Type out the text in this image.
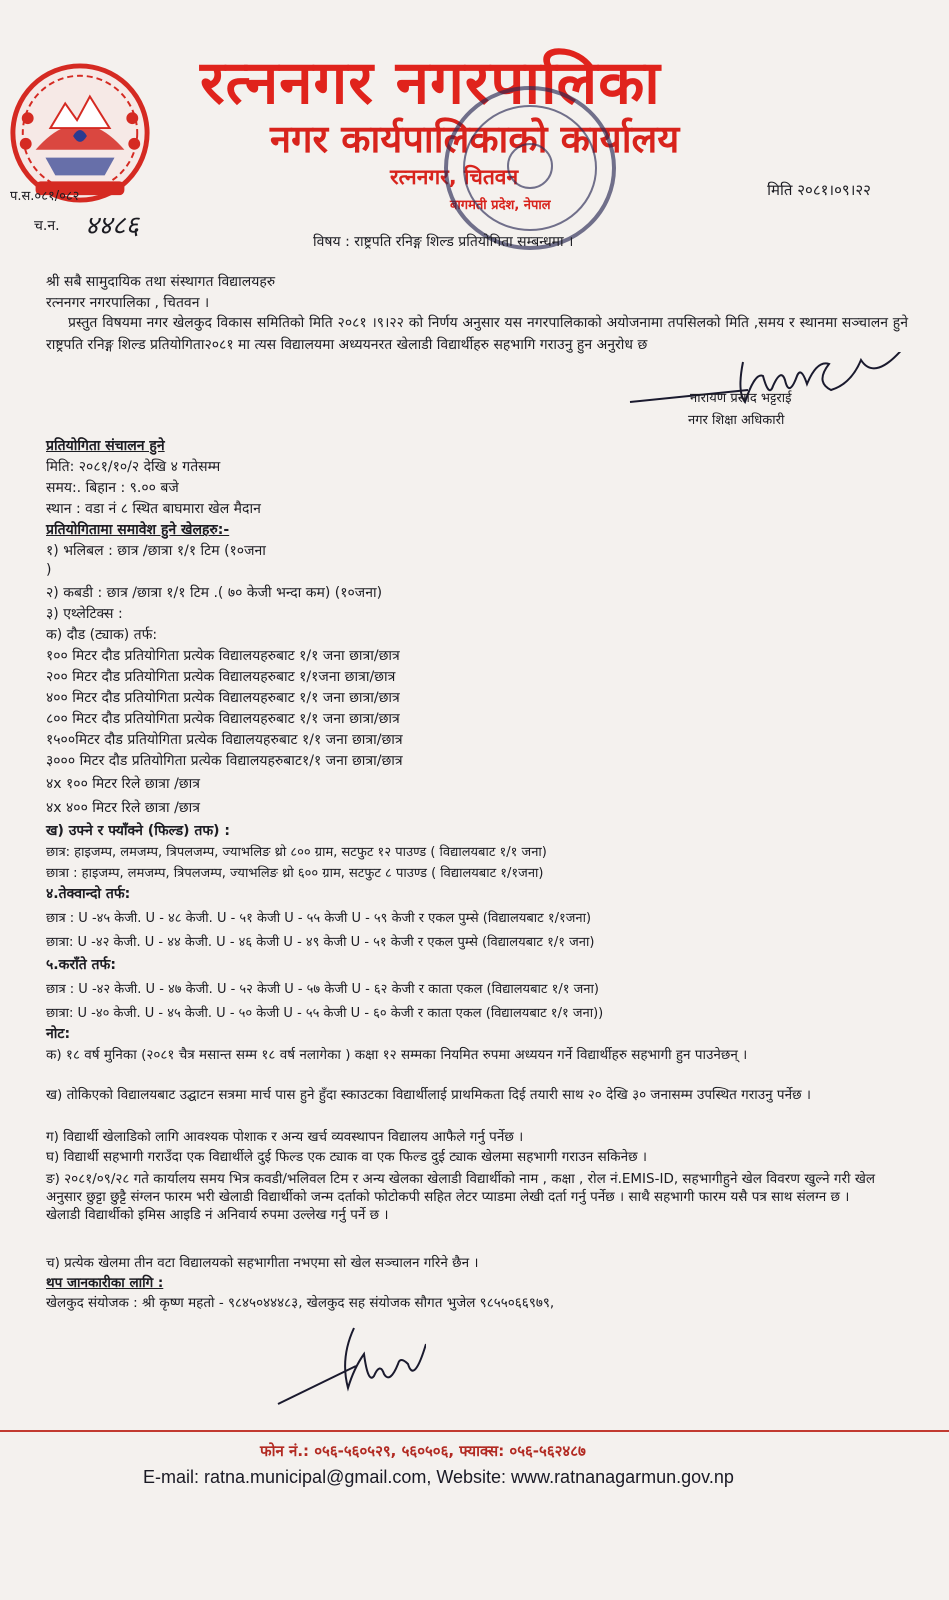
रत्ननगर नगरपालिका
नगर कार्यपालिकाको कार्यालय
रत्ननगर, चितवन
बागमती प्रदेश, नेपाल
मिति २०८१।०९।२२
प.स.०८१/०८२
च.न. ४४८६
विषय : राष्ट्रपति रनिङ्ग शिल्ड प्रतियोगिता सम्बन्धमा ।
श्री सबै सामुदायिक तथा संस्थागत विद्यालयहरु
रत्ननगर नगरपालिका , चितवन ।
प्रस्तुत विषयमा नगर खेलकुद विकास समितिको मिति २०८१ ।९।२२ को निर्णय अनुसार यस नगरपालिकाको अयोजनामा तपसिलको मिति ,समय र स्थानमा सञ्चालन हुने राष्ट्रपति रनिङ्ग शिल्ड प्रतियोगिता२०८१ मा त्यस विद्यालयमा अध्ययनरत खेलाडी विद्यार्थीहरु सहभागि गराउनु हुन अनुरोध छ
नारायण प्रसाद भट्टराई
नगर शिक्षा अधिकारी
प्रतियोगिता संचालन हुने
मिति: २०८१/१०/२ देखि ४ गतेसम्म
समय:. बिहान : ९.०० बजे
स्थान : वडा नं ८ स्थित बाघमारा खेल मैदान
प्रतियोगितामा समावेश हुने खेलहरु:-
१) भलिबल : छात्र /छात्रा १/१ टिम (१०जना
)
२) कबडी : छात्र /छात्रा १/१ टिम .( ७० केजी भन्दा कम) (१०जना)
३) एथ्लेटिक्स :
क) दौड (ट्याक) तर्फ:
१०० मिटर दौड प्रतियोगिता प्रत्येक विद्यालयहरुबाट १/१ जना छात्रा/छात्र
२०० मिटर दौड प्रतियोगिता प्रत्येक विद्यालयहरुबाट १/१जना छात्रा/छात्र
४०० मिटर दौड प्रतियोगिता प्रत्येक विद्यालयहरुबाट १/१ जना छात्रा/छात्र
८०० मिटर दौड प्रतियोगिता प्रत्येक विद्यालयहरुबाट १/१ जना छात्रा/छात्र
१५००मिटर दौड प्रतियोगिता प्रत्येक विद्यालयहरुबाट १/१ जना छात्रा/छात्र
३००० मिटर दौड प्रतियोगिता प्रत्येक विद्यालयहरुबाट१/१ जना छात्रा/छात्र
४x १०० मिटर रिले छात्रा /छात्र
४x ४०० मिटर रिले छात्रा /छात्र
ख) उफ्ने र फ्याँक्ने (फिल्ड) तफ) :
छात्र: हाइजम्प, लमजम्प, त्रिपलजम्प, ज्याभलिङ थ्रो ८०० ग्राम, सटफुट १२ पाउण्ड ( विद्यालयबाट १/१ जना)
छात्रा : हाइजम्प, लमजम्प, त्रिपलजम्प, ज्याभलिङ थ्रो ६०० ग्राम, सटफुट ८ पाउण्ड ( विद्यालयबाट १/१जना)
४.तेक्वान्दो तर्फ:
छात्र : U -४५ केजी. U - ४८ केजी. U - ५१ केजी U - ५५ केजी U - ५९ केजी र एकल पुम्से (विद्यालयबाट १/१जना)
छात्रा: U -४२ केजी. U - ४४ केजी. U - ४६ केजी U - ४९ केजी U - ५१ केजी र एकल पुम्से (विद्यालयबाट १/१ जना)
५.कराँते तर्फ:
छात्र : U -४२ केजी. U - ४७ केजी. U - ५२ केजी U - ५७ केजी U - ६२ केजी र काता एकल (विद्यालयबाट १/१ जना)
छात्रा: U -४० केजी. U - ४५ केजी. U - ५० केजी U - ५५ केजी U - ६० केजी र काता एकल (विद्यालयबाट १/१ जना))
नोट:
क) १८ वर्ष मुनिका (२०८१ चैत्र मसान्त सम्म १८ वर्ष नलागेका ) कक्षा १२ सम्मका नियमित रुपमा अध्ययन गर्ने विद्यार्थीहरु सहभागी हुन पाउनेछन् ।
ख) तोकिएको विद्यालयबाट उद्घाटन सत्रमा मार्च पास हुने हुँदा स्काउटका विद्यार्थीलाई प्राथमिकता दिई तयारी साथ २० देखि ३० जनासम्म उपस्थित गराउनु पर्नेछ ।
ग) विद्यार्थी खेलाडिको लागि आवश्यक पोशाक र अन्य खर्च व्यवस्थापन विद्यालय आफैले गर्नु पर्नेछ ।
घ) विद्यार्थी सहभागी गराउँदा एक विद्यार्थीले दुई फिल्ड एक ट्याक वा एक फिल्ड दुई ट्याक खेलमा सहभागी गराउन सकिनेछ ।
ङ) २०८१/०९/२८ गते कार्यालय समय भित्र कवडी/भलिवल टिम र अन्य खेलका खेलाडी विद्यार्थीको नाम , कक्षा , रोल नं.EMIS-ID, सहभागीहुने खेल विवरण खुल्ने गरी खेल अनुसार छुट्टा छुट्टै संग्लन फारम भरी खेलाडी विद्यार्थीको जन्म दर्ताको फोटोकपी सहित लेटर प्याडमा लेखी दर्ता गर्नु पर्नेछ । साथै सहभागी फारम यसै पत्र साथ संलग्न छ । खेलाडी विद्यार्थीको इमिस आइडि नं अनिवार्य रुपमा उल्लेख गर्नु पर्ने छ ।
च) प्रत्येक खेलमा तीन वटा विद्यालयको सहभागीता नभएमा सो खेल सञ्चालन गरिने छैन ।
थप जानकारीका लागि :
खेलकुद संयोजक : श्री कृष्ण महतो - ९८४५०४४४८३, खेलकुद सह संयोजक सौगत भुजेल ९८५५०६६९७९,
फोन नं.: ०५६-५६०५२९, ५६०५०६, फ्याक्स: ०५६-५६२४८७
E-mail: ratna.municipal@gmail.com, Website: www.ratnanagarmun.gov.np
